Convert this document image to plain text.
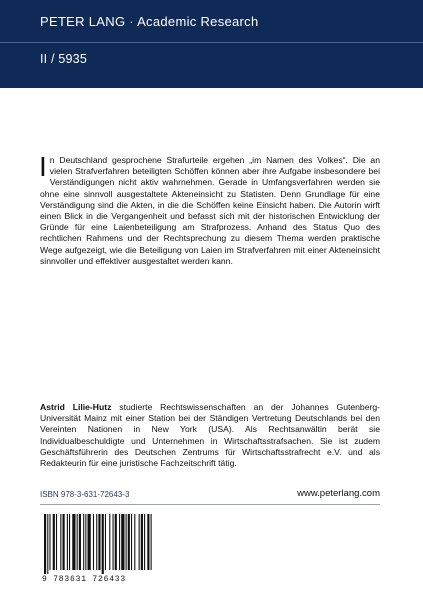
PETER LANG · Academic Research
II / 5935

In Deutschland gesprochene Strafurteile ergehen „im Namen des Volkes“. Die an vielen Strafverfahren beteiligten Schöffen können aber ihre Aufgabe insbesondere bei Verständigungen nicht aktiv wahrnehmen. Gerade in Umfangsverfahren werden sie ohne eine sinnvoll ausgestaltete Akteneinsicht zu Statisten. Denn Grundlage für eine Verständigung sind die Akten, in die die Schöffen keine Einsicht haben. Die Autorin wirft einen Blick in die Vergangenheit und befasst sich mit der historischen Entwicklung der Gründe für eine Laienbeteiligung am Strafprozess. Anhand des Status Quo des rechtlichen Rahmens und der Rechtsprechung zu diesem Thema werden praktische Wege aufgezeigt, wie die Beteiligung von Laien im Strafverfahren mit einer Akteneinsicht sinnvoller und effektiver ausgestaltet werden kann.

Astrid Lilie-Hutz studierte Rechtswissenschaften an der Johannes Gutenberg-Universität Mainz mit einer Station bei der Ständigen Vertretung Deutschlands bei den Vereinten Nationen in New York (USA). Als Rechtsanwältin berät sie Individualbeschuldigte und Unternehmen in Wirtschaftsstrafsachen. Sie ist zudem Geschäftsführerin des Deutschen Zentrums für Wirtschaftsstrafrecht e.V. und als Redakteurin für eine juristische Fachzeitschrift tätig.

ISBN 978-3-631-72643-3	www.peterlang.com
9 783631 726433
